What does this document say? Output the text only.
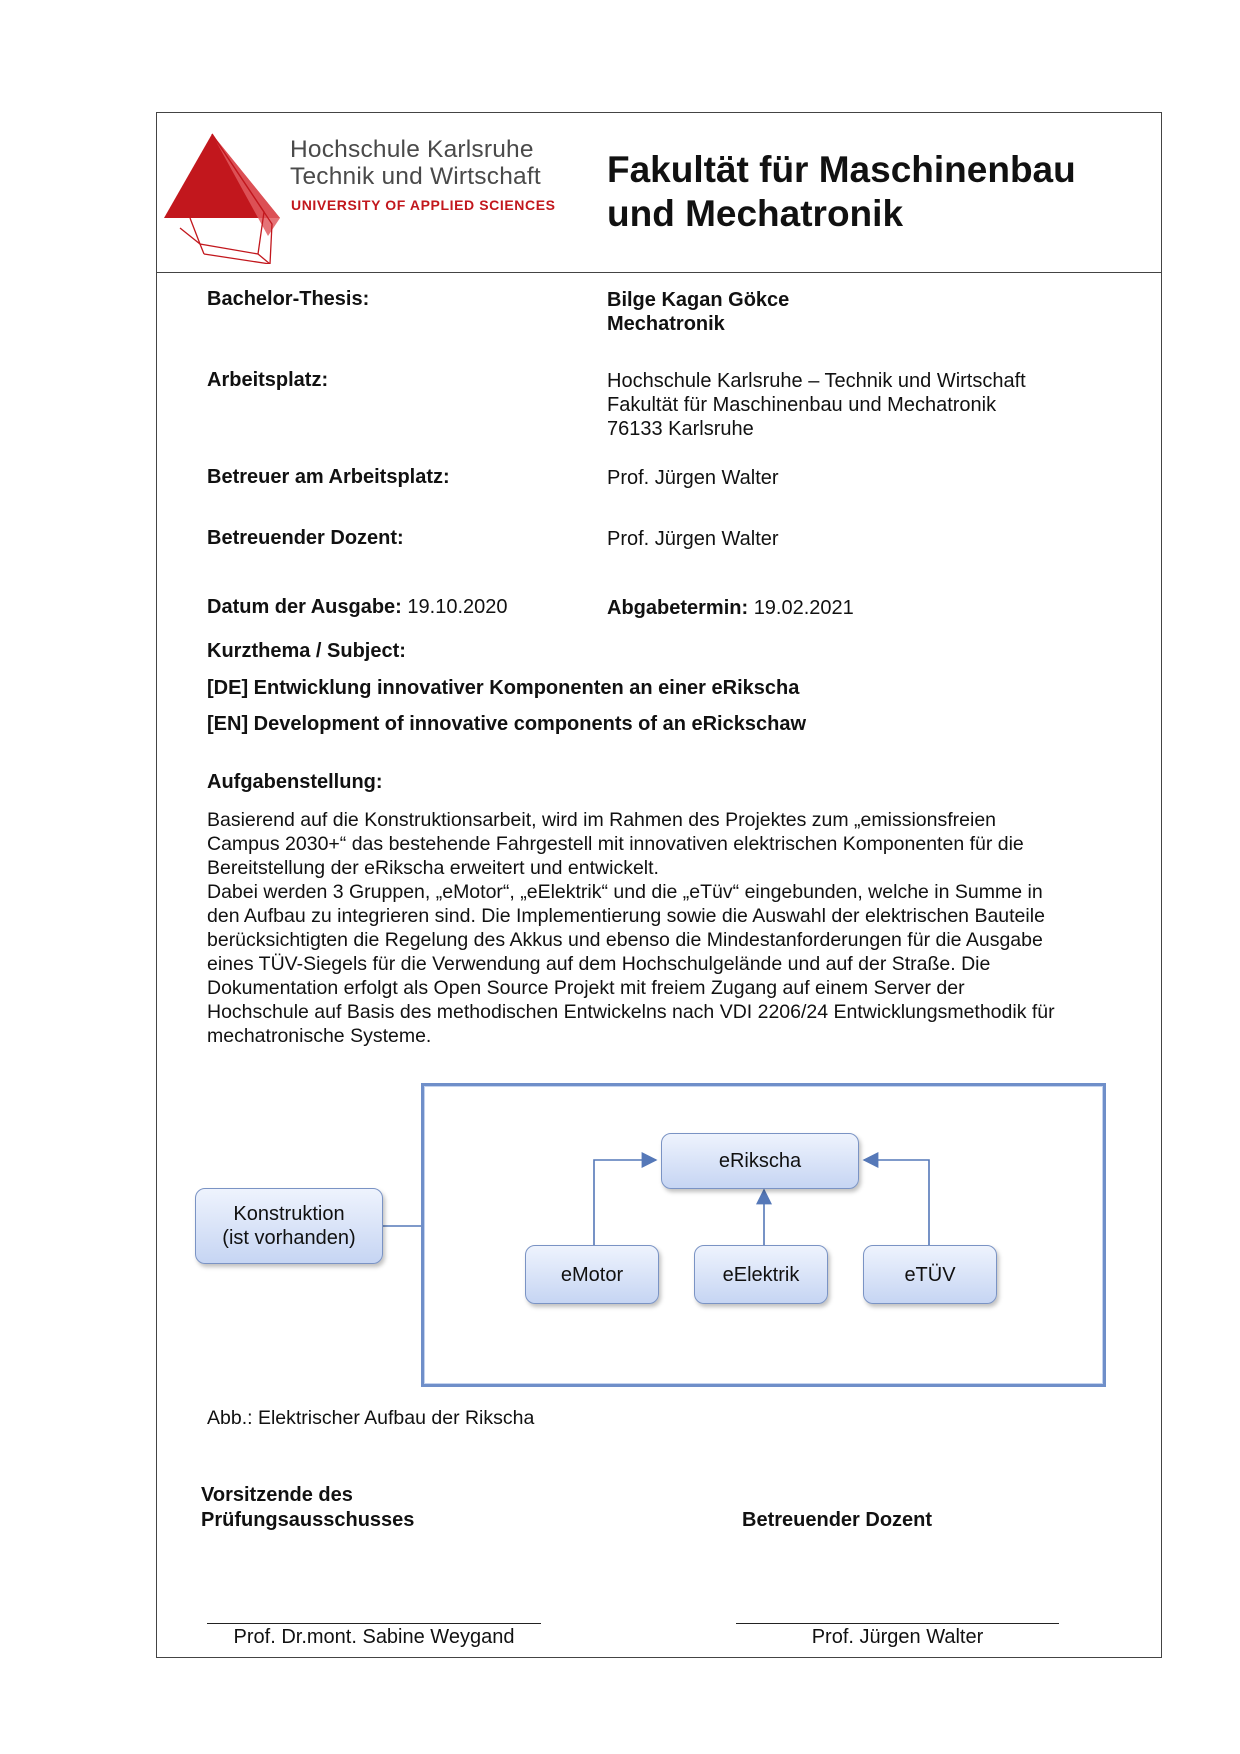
Hochschule Karlsruhe
Technik und Wirtschaft
UNIVERSITY OF APPLIED SCIENCES
Fakultät für Maschinenbau
und Mechatronik
Bachelor-Thesis:	Bilge Kagan Gökce
Mechatronik
Arbeitsplatz:	Hochschule Karlsruhe – Technik und Wirtschaft
Fakultät für Maschinenbau und Mechatronik
76133 Karlsruhe
Betreuer am Arbeitsplatz:	Prof. Jürgen Walter
Betreuender Dozent:	Prof. Jürgen Walter
Datum der Ausgabe: 19.10.2020	Abgabetermin: 19.02.2021
Kurzthema / Subject:
[DE] Entwicklung innovativer Komponenten an einer eRikscha
[EN] Development of innovative components of an eRickschaw
Aufgabenstellung:
Basierend auf die Konstruktionsarbeit, wird im Rahmen des Projektes zum „emissionsfreien
Campus 2030+“ das bestehende Fahrgestell mit innovativen elektrischen Komponenten für die
Bereitstellung der eRikscha erweitert und entwickelt.
Dabei werden 3 Gruppen, „eMotor“, „eElektrik“ und die „eTüv“ eingebunden, welche in Summe in
den Aufbau zu integrieren sind. Die Implementierung sowie die Auswahl der elektrischen Bauteile
berücksichtigten die Regelung des Akkus und ebenso die Mindestanforderungen für die Ausgabe
eines TÜV-Siegels für die Verwendung auf dem Hochschulgelände und auf der Straße. Die
Dokumentation erfolgt als Open Source Projekt mit freiem Zugang auf einem Server der
Hochschule auf Basis des methodischen Entwickelns nach VDI 2206/24 Entwicklungsmethodik für
mechatronische Systeme.
Konstruktion
(ist vorhanden)
eRikscha
eMotor	eElektrik	eTÜV
Abb.: Elektrischer Aufbau der Rikscha
Vorsitzende des
Prüfungsausschusses	Betreuender Dozent
Prof. Dr.mont. Sabine Weygand	Prof. Jürgen Walter
